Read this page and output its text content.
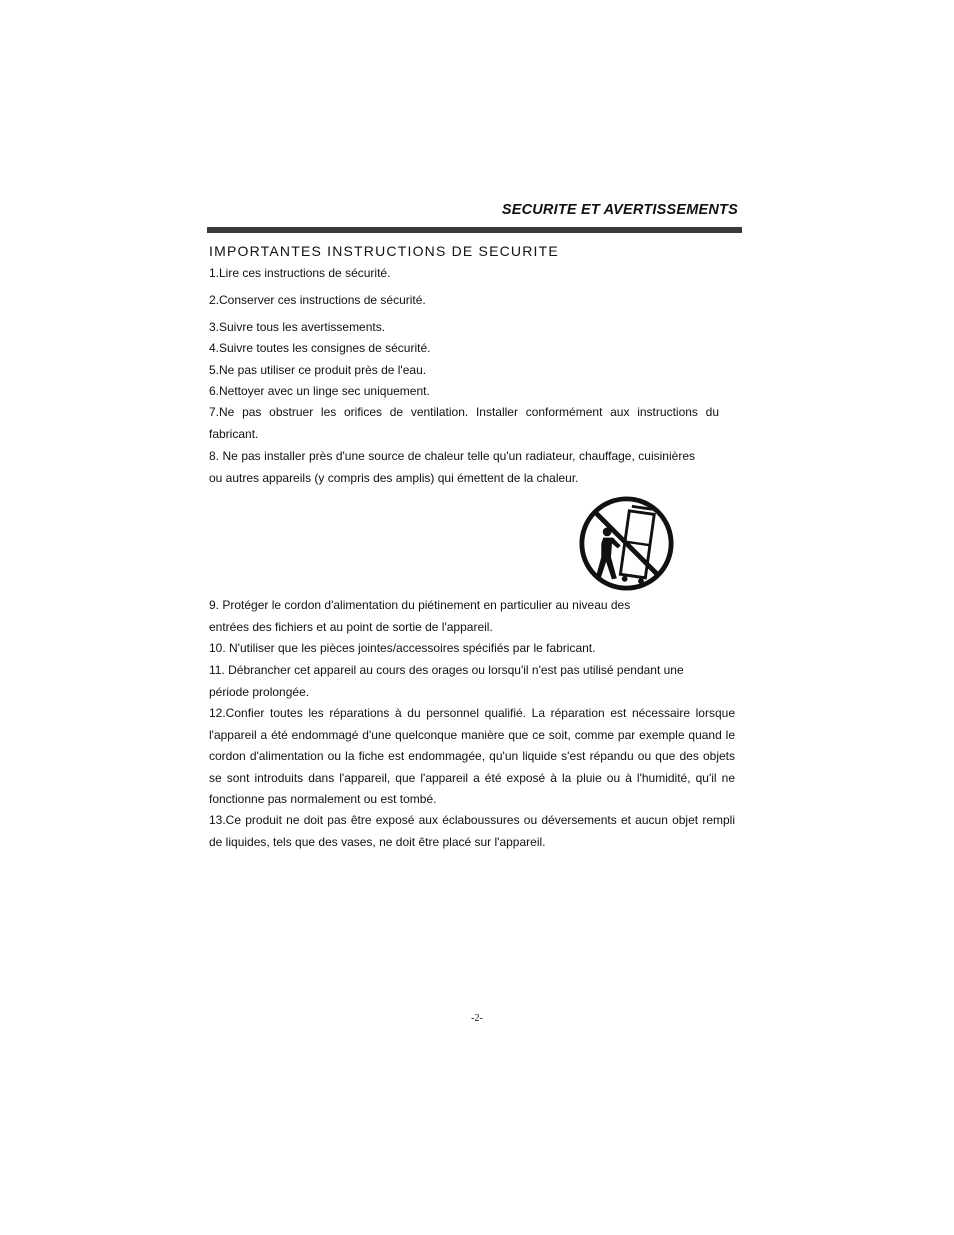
SECURITE ET AVERTISSEMENTS
IMPORTANTES INSTRUCTIONS DE SECURITE

1.Lire ces instructions de sécurité.

2.Conserver ces instructions de sécurité.

3.Suivre tous les avertissements.

4.Suivre toutes les consignes de sécurité.

5.Ne pas utiliser ce produit près de l'eau.

6.Nettoyer avec un linge sec uniquement.

7.Ne pas obstruer les orifices de ventilation. Installer conformément aux instructions du fabricant.

8. Ne pas installer près d'une source de chaleur telle qu'un radiateur, chauffage, cuisinières ou autres appareils (y compris des amplis) qui émettent de la chaleur.

9. Protéger le cordon d'alimentation du piétinement en particulier au niveau des entrées des fichiers et au point de sortie de l'appareil.

10. N'utiliser que les pièces jointes/accessoires spécifiés par le fabricant.

11. Débrancher cet appareil au cours des orages ou lorsqu'il n'est pas utilisé pendant une période prolongée.

12.Confier toutes les réparations à du personnel qualifié. La réparation est nécessaire lorsque l'appareil a été endommagé d'une quelconque manière que ce soit, comme par exemple quand le cordon d'alimentation ou la fiche est endommagée, qu'un liquide s'est répandu ou que des objets se sont introduits dans l'appareil, que l'appareil a été exposé à la pluie ou à l'humidité, qu'il ne fonctionne pas normalement ou est tombé.

13.Ce produit ne doit pas être exposé aux éclaboussures ou déversements et aucun objet rempli de liquides, tels que des vases, ne doit être placé sur l'appareil.

-2-
